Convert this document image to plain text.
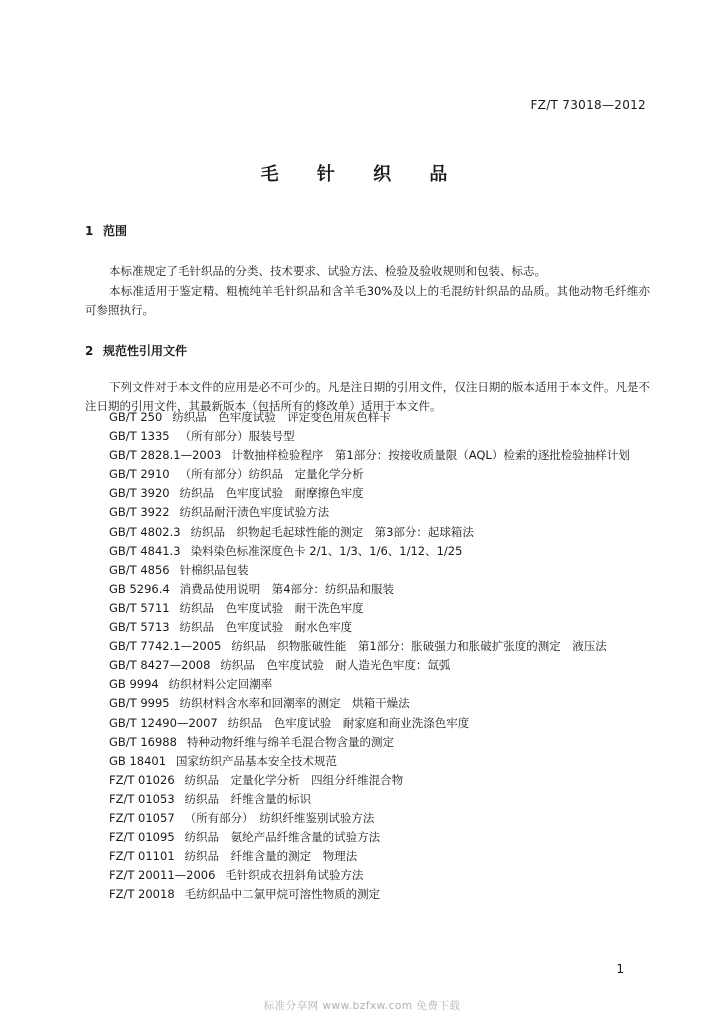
FZ/T 73018—2012
毛 针 织 品
1 范围
本标准规定了毛针织品的分类、技术要求、试验方法、检验及验收规则和包装、标志。
本标准适用于鉴定精、粗梳纯羊毛针织品和含羊毛30%及以上的毛混纺针织品的品质。其他动物毛纤维亦可参照执行。
2 规范性引用文件
下列文件对于本文件的应用是必不可少的。凡是注日期的引用文件，仅注日期的版本适用于本文件。凡是不注日期的引用文件，其最新版本（包括所有的修改单）适用于本文件。
GB/T 250 纺织品　色牢度试验　评定变色用灰色样卡
GB/T 1335 （所有部分）服装号型
GB/T 2828.1—2003 计数抽样检验程序　第1部分：按接收质量限（AQL）检索的逐批检验抽样计划
GB/T 2910 （所有部分）纺织品　定量化学分析
GB/T 3920 纺织品　色牢度试验　耐摩擦色牢度
GB/T 3922 纺织品耐汗渍色牢度试验方法
GB/T 4802.3 纺织品　织物起毛起球性能的测定　第3部分：起球箱法
GB/T 4841.3 染料染色标准深度色卡 2/1、1/3、1/6、1/12、1/25
GB/T 4856 针棉织品包装
GB 5296.4 消费品使用说明　第4部分：纺织品和服装
GB/T 5711 纺织品　色牢度试验　耐干洗色牢度
GB/T 5713 纺织品　色牢度试验　耐水色牢度
GB/T 7742.1—2005 纺织品　织物胀破性能　第1部分：胀破强力和胀破扩张度的测定　液压法
GB/T 8427—2008 纺织品　色牢度试验　耐人造光色牢度：氙弧
GB 9994 纺织材料公定回潮率
GB/T 9995 纺织材料含水率和回潮率的测定　烘箱干燥法
GB/T 12490—2007 纺织品　色牢度试验　耐家庭和商业洗涤色牢度
GB/T 16988 特种动物纤维与绵羊毛混合物含量的测定
GB 18401 国家纺织产品基本安全技术规范
FZ/T 01026 纺织品　定量化学分析　四组分纤维混合物
FZ/T 01053 纺织品　纤维含量的标识
FZ/T 01057 （所有部分）　纺织纤维鉴别试验方法
FZ/T 01095 纺织品　氨纶产品纤维含量的试验方法
FZ/T 01101 纺织品　纤维含量的测定　物理法
FZ/T 20011—2006 毛针织成衣扭斜角试验方法
FZ/T 20018 毛纺织品中二氯甲烷可溶性物质的测定
1
标准分享网 www.bzfxw.com 免费下载
